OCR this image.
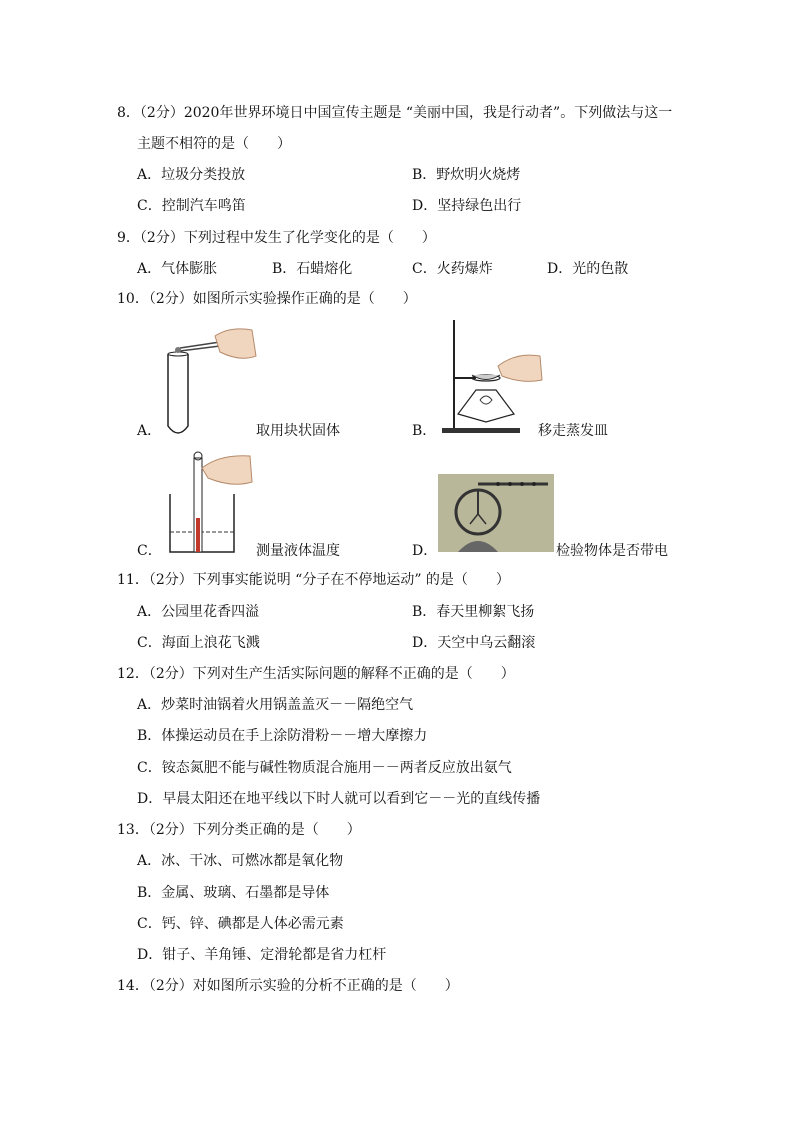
8．（2分）2020年世界环境日中国宣传主题是 “美丽中国，我是行动者”。下列做法与这一
主题不相符的是（　　）
A．垃圾分类投放	B．野炊明火烧烤
C．控制汽车鸣笛	D．坚持绿色出行
9．（2分）下列过程中发生了化学变化的是（　　）
A．气体膨胀	B．石蜡熔化	C．火药爆炸	D．光的色散
10．（2分）如图所示实验操作正确的是（　　）
A．	取用块状固体	B．	移走蒸发皿
C．	测量液体温度	D．	检验物体是否带电
11．（2分）下列事实能说明 “分子在不停地运动” 的是（　　）
A．公园里花香四溢	B．春天里柳絮飞扬
C．海面上浪花飞溅	D．天空中乌云翻滚
12．（2分）下列对生产生活实际问题的解释不正确的是（　　）
A．炒菜时油锅着火用锅盖盖灭－－隔绝空气
B．体操运动员在手上涂防滑粉－－增大摩擦力
C．铵态氮肥不能与碱性物质混合施用－－两者反应放出氨气
D．早晨太阳还在地平线以下时人就可以看到它－－光的直线传播
13．（2分）下列分类正确的是（　　）
A．冰、干冰、可燃冰都是氧化物
B．金属、玻璃、石墨都是导体
C．钙、锌、碘都是人体必需元素
D．钳子、羊角锤、定滑轮都是省力杠杆
14．（2分）对如图所示实验的分析不正确的是（　　）
